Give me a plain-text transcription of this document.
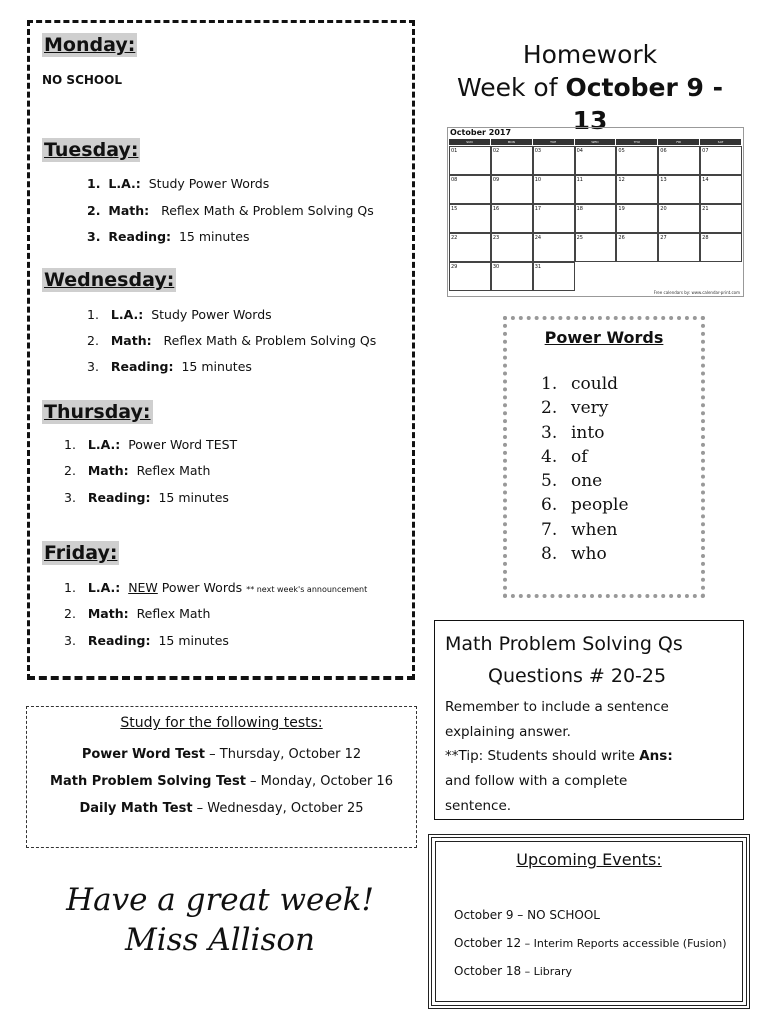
Monday:
NO SCHOOL
Tuesday:
1. L.A.: Study Power Words
2. Math: Reflex Math & Problem Solving Qs
3. Reading: 15 minutes
Wednesday:
1. L.A.: Study Power Words
2. Math: Reflex Math & Problem Solving Qs
3. Reading: 15 minutes
Thursday:
1. L.A.: Power Word TEST
2. Math: Reflex Math
3. Reading: 15 minutes
Friday:
1. L.A.: NEW Power Words ** next week's announcement
2. Math: Reflex Math
3. Reading: 15 minutes
Homework
Week of October 9 - 13
October 2017
SUN	MON	TUE	WED	THU	FRI	SAT
01	02	03	04	05	06	07
08	09	10	11	12	13	14
15	16	17	18	19	20	21
22	23	24	25	26	27	28
29	30	31
Free calendars by: www.calendar-print.com
Power Words
1. could
2. very
3. into
4. of
5. one
6. people
7. when
8. who
Math Problem Solving Qs
Questions # 20-25
Remember to include a sentence
explaining answer.
**Tip: Students should write Ans:
and follow with a complete
sentence.
Study for the following tests:
Power Word Test – Thursday, October 12
Math Problem Solving Test – Monday, October 16
Daily Math Test – Wednesday, October 25
Upcoming Events:
October 9 – NO SCHOOL
October 12 – Interim Reports accessible (Fusion)
October 18 – Library
Have a great week!
Miss Allison
